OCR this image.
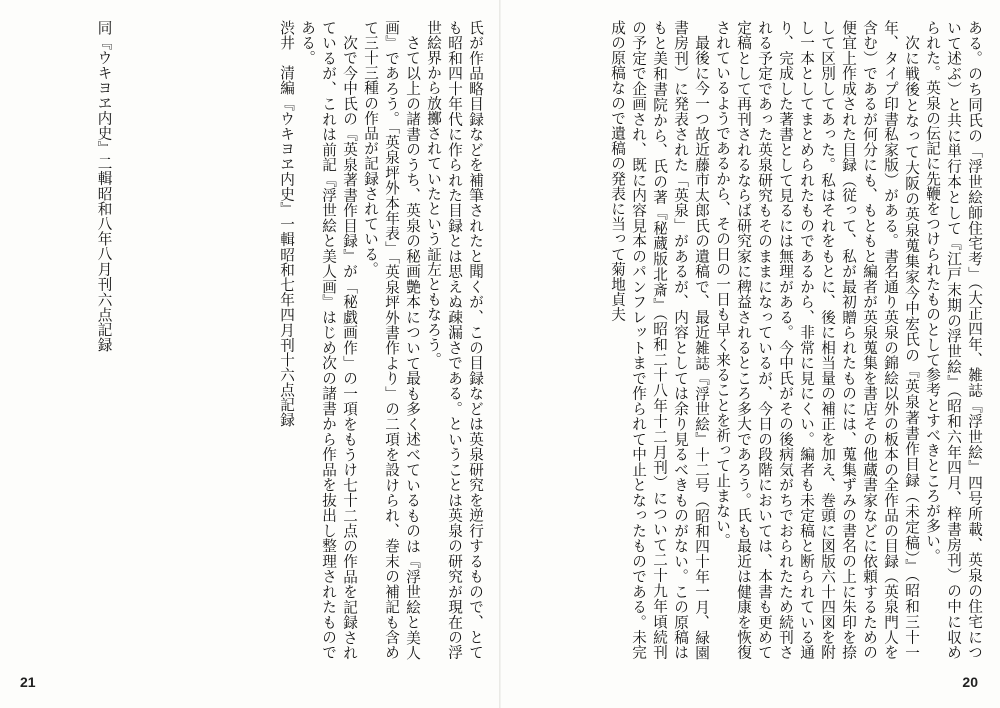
氏が作品略目録などを補筆されたと聞くが、この目録などは英泉研究を逆行するもので、とても昭和四十年代に作られた目録とは思えぬ疎漏さである。ということは英泉の研究が現在の浮世絵界から放擲されていたという証左ともなろう。

さて以上の諸書のうち、英泉の秘画艶本について最も多く述べているものは『浮世絵と美人画』であろう。「英泉坪外本年表」「英泉坪外書作より」の二項を設けられ、巻末の補記も含めて三十三種の作品が記録されている。

次で今中氏の『英泉著書作目録』が「秘戯画作」の一項をもうけ七十二点の作品を記録されているが、これは前記『浮世絵と美人画』はじめ次の諸書から作品を抜出し整理されたものである。

渋井　清編『ウキヨヱ内史』一輯昭和七年四月刊十六点記録
同『ウキヨヱ内史』二輯昭和八年八月刊六点記録

21

ある。のち同氏の「浮世絵師住宅考」（大正四年、雑誌『浮世絵』四号所載、英泉の住宅について述ぶ）と共に単行本として『江戸末期の浮世絵』（昭和六年四月、梓書房刊）の中に収められた。英泉の伝記に先鞭をつけられたものとして参考とすべきところが多い。

次に戦後となって大阪の英泉蒐集家今中宏氏の『英泉著書作目録（未定稿）』（昭和三十一年、タイプ印書私家版）がある。書名通り英泉の錦絵以外の板本の全作品の目録（英泉門人を含む）であるが何分にも、もともと編者が英泉蒐集を書店その他蔵書家などに依頼するための便宜上作成された目録（従って、私が最初贈られたものには、蒐集ずみの書名の上に朱印を捺して区別してあった。私はそれをもとに、後に相当量の補正を加え、巻頭に図版六十四図を附し一本としてまとめられたものであるから、非常に見にくい。編者も未定稿と断られている通り、完成した著書として見るには無理がある。今中氏がその後病気がちでおられたため続刊される予定であった英泉研究もそのままになっているが、今日の段階においては、本書も更めて定稿として再刊されるならば研究家に稗益されるところ多大であろう。氏も最近は健康を恢復されているようであるから、その日の一日も早く来ることを祈って止まない。

最後に今一つ故近藤市太郎氏の遺稿で、最近雑誌『浮世絵』十二号（昭和四十年一月、緑園書房刊）に発表された「英泉」があるが、内容としては余り見るべきものがない。この原稿はもと美和書院から、氏の著『秘蔵版北斎』（昭和二十八年十二月刊）について二十九年頃続刊の予定で企画され、既に内容見本のパンフレットまで作られて中止となったものである。未完成の原稿なので遺稿の発表に当って菊地貞夫

20
